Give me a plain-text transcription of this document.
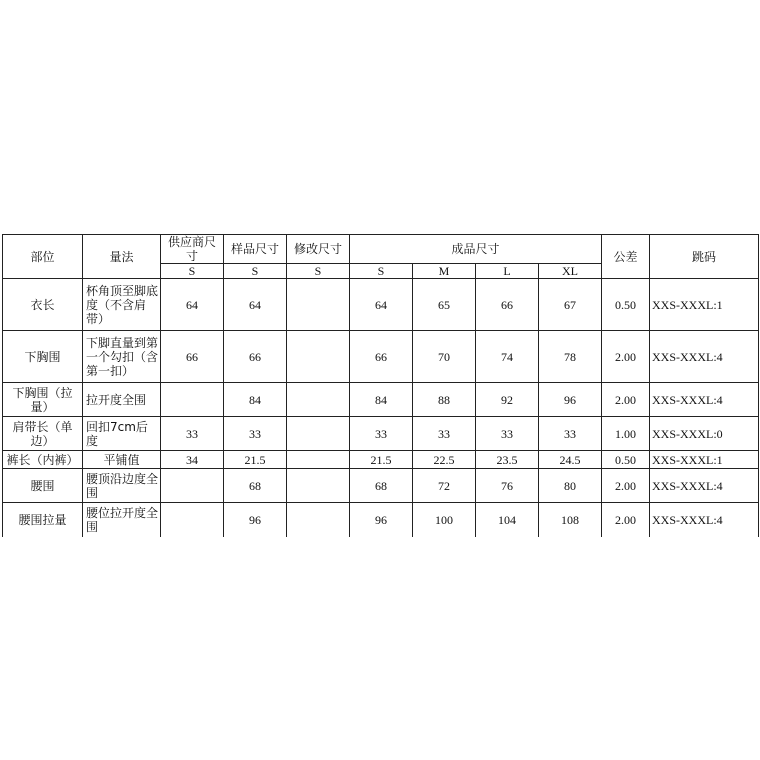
部位	量法	供应商尺寸	样品尺寸	修改尺寸	成品尺寸				公差	跳码
		S	S	S	S	M	L	XL		
衣长	杯角顶至脚底度（不含肩带）	64	64		64	65	66	67	0.50	XXS-XXXL:1
下胸围	下脚直量到第一个勾扣（含第一扣）	66	66		66	70	74	78	2.00	XXS-XXXL:4
下胸围（拉量）	拉开度全围		84		84	88	92	96	2.00	XXS-XXXL:4
肩带长（单边）	回扣7cm后度	33	33		33	33	33	33	1.00	XXS-XXXL:0
裤长（内裤）	平铺值	34	21.5		21.5	22.5	23.5	24.5	0.50	XXS-XXXL:1
腰围	腰顶沿边度全围		68		68	72	76	80	2.00	XXS-XXXL:4
腰围拉量	腰位拉开度全围		96		96	100	104	108	2.00	XXS-XXXL:4
